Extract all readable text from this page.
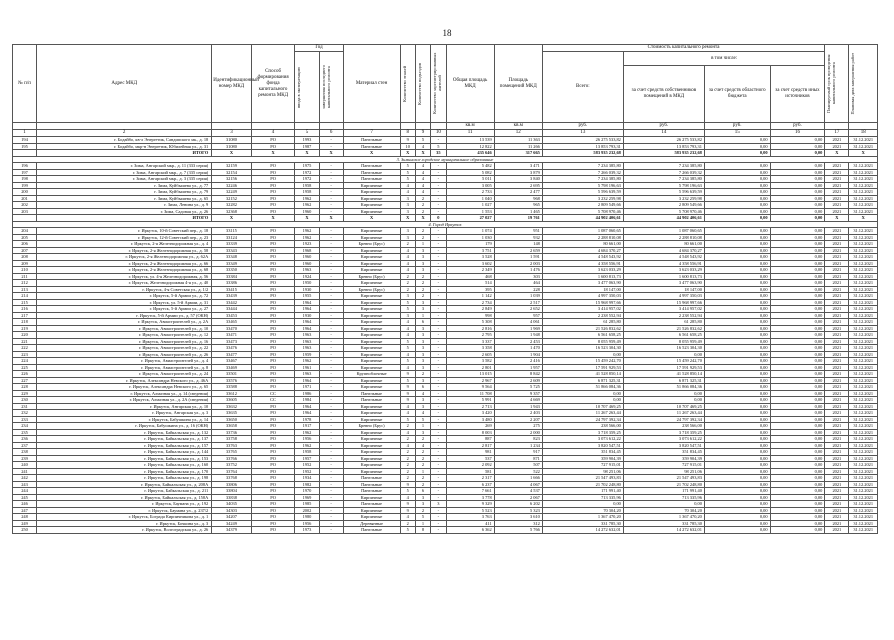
18
№ п/п	Адрес МКД	Идентификационный номер МКД	Способ формирования фонда капитального ремонта МКД	Год		Материал стен	Количество этажей	Количество подъездов	Количество зарегистрированных жителей	Общая площадь МКД	Площадь помещений МКД	Стоимость капитального ремонта				Планируемый срок проведения капитального ремонта	Плановая дата завершения работ

				ввода в эксплуатацию	завершения последнего капитального ремонта							Всего:	в том числе:				
													за счет средств собственников помещений в МКД	за счет средств областного бюджета	за счет средств иных источников		
										кв.м	кв.м	руб.	руб.	руб.	руб.		
1	2	3	4	5	6	7	8	9	10	11	12	13	14	15	16	17	18
194	г. Бодайбо, кв-л Энергетик, Сандипского мк., д. 18	31080	РО	1993	-	Панельные	9	5	-	13 539	11 363	26 275 533,82	26 275 533,82	0,00	0,00	2021	31.12.2021
195	г. Бодайбо, мкр-н Энергетик, Юбилейная ул., д. 31	31080	РО	1987	-	Панельные	10	4	5	12 822	11 266	13 853 793,31	13 853 793,31	0,00	0,00	2021	31.12.2021
	ИТОГО	X	X	X	X	X	X	X	35	435 646	317 665	583 935 232,68	583 935 232,68	0,00	0,00	X	X
3. Зиминское городское муниципальное образование																	
196	г. Зима, Ангарский мкр., д. 11 (333 серия)	32159	РО	1975	-	Панельные	5	4	-	5 482	3 471	7 234 385,80	7 234 385,80	0,00	0,00	2021	31.12.2021
197	г. Зима, Ангарский мкр., д. 7 (335 серия)	32154	РО	1972	-	Панельные	5	4	-	5 082	3 879	7 266 039,32	7 266 039,32	0,00	0,00	2021	31.12.2021
198	г. Зима, Ангарский мкр., д. 3 (335 серия)	32156	РО	1972	-	Панельные	5	4	-	5 011	3 840	7 234 385,80	7 234 385,80	0,00	0,00	2021	31.12.2021
199	г. Зима, Куйбышева ул., д. 77	32246	РО	1958	-	Кирпичные	4	4	-	3 005	2 695	5 798 196,63	5 798 196,63	0,00	0,00	2021	31.12.2021
200	г. Зима, Куйбышева ул., д. 79	32249	РО	1958	-	Кирпичные	4	4	-	2 733	2 477	5 596 639,59	5 596 639,59	0,00	0,00	2021	31.12.2021
201	г. Зима, Куйбышева ул., д. 65	32152	РО	1962	-	Кирпичные	3	2	-	1 040	968	3 232 259,98	3 232 259,98	0,00	0,00	2021	31.12.2021
202	г. Зима, Ленина ул., д. 9	32282	РО	1962	-	Кирпичные	3	2	-	1 027	965	2 809 549,66	2 809 549,66	0,00	0,00	2021	31.12.2021
203	г. Зима, Садовая ул., д. 26	32368	РО	1960	-	Кирпичные	3	2	-	1 553	1 465	5 708 970,46	5 708 970,46	0,00	0,00	2021	31.12.2021
	ИТОГО	X	X	X	X	X	X	X	0	27 027	19 761	44 902 406,61	44 902 406,61	0,00	0,00	X	X
4. Город Иркутск																	
204	г. Иркутск, 10-й Советский пер., д. 18	33115	РО	1962	-	Кирпичные	3	2	-	1 074	951	1 087 060,65	1 087 060,65	0,00	0,00	2021	31.12.2021
205	г. Иркутск, 12-й Советский пер., д. 23	33124	РО	1962	-	Кирпичные	3	2	-	1 030	932	2 288 810,08	2 288 810,08	0,00	0,00	2021	31.12.2021
206	г. Иркутск, 2-я Железнодорожная ул., д. 4	33339	РО	1923	-	Бревно (Брус)	2	1	-	179	148	80 661,00	80 661,00	0,00	0,00	2021	31.12.2021
207	г. Иркутск, 2-я Железнодорожная ул., д. 58	33343	РО	1968	-	Кирпичные	4	3	-	3 751	2 659	4 684 370,27	4 684 370,27	0,00	0,00	2021	31.12.2021
208	г. Иркутск, 2-я Железнодорожная ул., д. 62А	33348	РО	1960	-	Кирпичные	4	3	-	3 528	1 591	4 548 543,92	4 548 543,92	0,00	0,00	2021	31.12.2021
209	г. Иркутск, 2-я Железнодорожная ул., д. 66	33349	РО	1960	-	Кирпичные	4	3	-	3 602	2 003	4 358 556,91	4 358 556,91	0,00	0,00	2021	31.12.2021
210	г. Иркутск, 2-я Железнодорожная ул., д. 68	33350	РО	1963	-	Кирпичные	4	3	-	2 349	1 476	3 623 033,29	3 623 033,29	0,00	0,00	2021	31.12.2021
211	г. Иркутск, ул. 4-я Железнодорожная, д. 56	33384	РО	1924	-	Бревно (Брус)	2	2	-	468	303	1 600 813,73	1 600 813,73	0,00	0,00	2021	31.12.2021
212	г. Иркутск, Железнодорожная 4-я ул., д. 40	33386	РО	1950	-	Кирпичные	2	2	-	514	464	3 477 063,90	3 477 063,90	0,00	0,00	2021	31.12.2021
213	г. Иркутск, 4-я Советская ул., д. 1/2	33415	РО	1930	-	Бревно (Брус)	2	2	-	395	228	18 147,00	18 147,00	0,00	0,00	2021	31.12.2021
214	г. Иркутск, 5-й Армии ул., д. 72	33439	РО	1955	-	Кирпичные	3	2	-	1 142	1 039	4 997 350,03	4 997 350,03	0,00	0,00	2021	31.12.2021
215	г. Иркутск, ул. 5-й Армии, д. 31	33442	РО	1964	-	Кирпичные	5	3	-	2 734	2 517	15 968 997,66	15 968 997,66	0,00	0,00	2021	31.12.2021
216	г. Иркутск, 5-й Армии ул., д. 27	33444	РО	1964	-	Кирпичные	5	3	-	2 849	2 652	3 414 957,02	3 414 957,02	0,00	0,00	2021	31.12.2021
217	г. Иркутск, 5-й Армии ул., д. 57 (ОКН)	33453	РО	1930	-	Кирпичные	3	1	-	998	957	2 238 552,94	2 238 552,94	0,00	0,00	2021	31.12.2021
218	г. Иркутск, Авиастроителей ул., д. 2А	33465	РО	1964	-	Кирпичные	4	6	-	5 308	4 061	61 285,80	61 285,80	0,00	0,00	2021	31.12.2021
219	г. Иркутск, Авиастроителей ул., д. 10	33470	РО	1964	-	Кирпичные	4	3	-	2 816	1 969	21 526 832,62	21 526 832,62	0,00	0,00	2021	31.12.2021
220	г. Иркутск, Авиастроителей ул., д. 12	33471	РО	1963	-	Кирпичные	4	3	-	2 795	1 948	6 561 658,25	6 561 658,25	0,00	0,00	2021	31.12.2021
221	г. Иркутск, Авиастроителей ул., д. 16	33473	РО	1963	-	Кирпичные	5	3	-	3 337	2 453	8 055 959,49	8 055 959,49	0,00	0,00	2021	31.12.2021
222	г. Иркутск, Авиастроителей ул., д. 22	33476	РО	1963	-	Кирпичные	5	3	-	3 358	1 470	16 523 304,30	16 523 304,30	0,00	0,00	2021	31.12.2021
223	г. Иркутск, Авиастроителей ул., д. 26	33477	РО	1959	-	Кирпичные	4	3	-	2 605	1 904	0,00	0,00	0,00	0,00	2021	31.12.2021
224	г. Иркутск, Авиастроителей ул., д. 4	33467	РО	1962	-	Кирпичные	5	3	-	3 582	2 416	15 459 242,70	15 459 242,70	0,00	0,00	2021	31.12.2021
225	г. Иркутск, Авиастроителей ул., д. 8	33469	РО	1961	-	Кирпичные	4	3	-	2 801	1 957	17 591 929,53	17 591 929,53	0,00	0,00	2021	31.12.2021
226	г. Иркутск, Авиастроителей ул., д. 24	33501	РО	1963	-	Крупноблочные	9	2	-	13 015	8 842	41 528 850,14	41 528 850,14	0,00	0,00	2021	31.12.2021
227	г. Иркутск, Александра Невского ул., д. 46А	33576	РО	1964	-	Кирпичные	5	3	-	2 967	2 609	6 871 325,31	6 871 325,31	0,00	0,00	2021	31.12.2021
228	г. Иркутск, Александра Невского ул., д. 65	33588	РО	1971	-	Кирпичные	9	6	-	9 564	5 725	51 866 084,36	51 866 084,36	0,00	0,00	2021	31.12.2021
229	г. Иркутск, Алмазная ул., д. 14 (сведения)	33612	СС	1986	-	Панельные	9	4	-	11 708	9 357	0,00	0,00	0,00	0,00	2021	31.12.2021
230	г. Иркутск, Алмазная ул., д. 2А (сведения)	33605	СС	1984	-	Панельные	9	3	-	5 991	4 669	0,00	0,00	0,00	0,00	2021	31.12.2021
231	г. Иркутск, Ангарская ул., д. 10	33632	РО	1964	-	Кирпичные	4	3	-	2 713	1 943	10 707 469,25	10 707 469,25	0,00	0,00	2021	31.12.2021
232	г. Иркутск, Ангарская ул., д. 3	33635	РО	1964	-	Кирпичные	4	4	-	3 420	2 403	11 267 263,44	11 267 263,44	0,00	0,00	2021	31.12.2021
233	г. Иркутск, Бабушкина ул., д. 14	33650	РО	1978	-	Кирпичные	5	5	-	3 480	2 207	24 797 392,34	24 797 392,34	0,00	0,00	2021	31.12.2021
234	г. Иркутск, Бабушкина ул., д. 16 (ОКН)	33658	РО	1917	-	Бревно (Брус)	2	1	-	269	275	238 566,00	238 566,00	0,00	0,00	2021	31.12.2021
235	г. Иркутск, Байкальская ул., д. 132	33736	РО	1962	-	Кирпичные	4	3	-	8 003	2 000	3 718 359,25	3 718 359,25	0,00	0,00	2021	31.12.2021
236	г. Иркутск, Байкальская ул., д. 137	33758	РО	1956	-	Кирпичные	2	2	-	887	823	3 073 612,22	3 073 612,22	0,00	0,00	2021	31.12.2021
237	г. Иркутск, Байкальская ул., д. 157	33763	РО	1962	-	Кирпичные	4	4	-	2 817	1 234	3 820 547,51	3 820 547,51	0,00	0,00	2021	31.12.2021
238	г. Иркутск, Байкальская ул., д. 144	33765	РО	1958	-	Кирпичные	2	2	-	981	917	351 834,45	351 834,45	0,00	0,00	2021	31.12.2021
239	г. Иркутск, Байкальская ул., д. 153	33766	РО	1957	-	Кирпичные	2	2	-	537	871	359 904,39	359 904,39	0,00	0,00	2021	31.12.2021
240	г. Иркутск, Байкальская ул., д. 160	33752	РО	1952	-	Кирпичные	2	2	-	2 092	507	727 915,01	727 915,01	0,00	0,00	2021	31.12.2021
241	г. Иркутск, Байкальская ул., д. 170	33764	РО	1952	-	Кирпичные	2	1	-	581	522	98 251,06	98 251,06	0,00	0,00	2021	31.12.2021
242	г. Иркутск, Байкальская ул., д. 198	33768	РО	1934	-	Панельные	2	2	-	2 317	1 666	21 547 493,83	21 547 493,83	0,00	0,00	2021	31.12.2021
243	г. Иркутск, Байкальская ул., д. 208А	33806	РО	1982	-	Панельные	9	2	-	6 237	4 067	21 702 248,80	21 702 248,80	0,00	0,00	2021	31.12.2021
244	г. Иркутск, Байкальская ул., д. 211	33804	РО	1970	-	Панельные	5	6	-	7 661	4 537	171 991,40	171 991,40	0,00	0,00	2021	31.12.2021
245	г. Иркутск, Байкальская ул., д. 158А	33838	РО	1969	-	Кирпичные	4	3	-	3 778	2 067	713 335,96	713 335,96	0,00	0,00	2021	31.12.2021
246	г. Иркутск, Баумана ул., д. 192	34035	РО	1985	-	Панельные	9	3	3	9 329	6 202	0,00	0,00	0,00	0,00	2021	31.12.2021
247	г. Иркутск, Баумана ул., д. 237/2	34303	РО	2002	-	Кирпичные	9	2	-	5 523	5 323	70 304,20	70 304,20	0,00	0,00	2021	31.12.2021
248	г. Иркутск, Бограда Кирпичникова ул., д. 1	34207	РО	1980	-	Кирпичные	4	5	-	3 763	3 610	1 367 470,20	1 367 470,20	0,00	0,00	2021	31.12.2021
249	г. Иркутск, Бочкина ул., д. 3	34249	РО	1956	-	Деревянные	2	1	-	411	312	331 785,30	331 785,30	0,00	0,00	2021	31.12.2021
250	г. Иркутск, Волгоградская ул., д. 26	34379	РО	1973	-	Панельные	5	8	-	6 362	5 766	14 272 632,01	14 272 632,01	0,00	0,00	2021	31.12.2021
